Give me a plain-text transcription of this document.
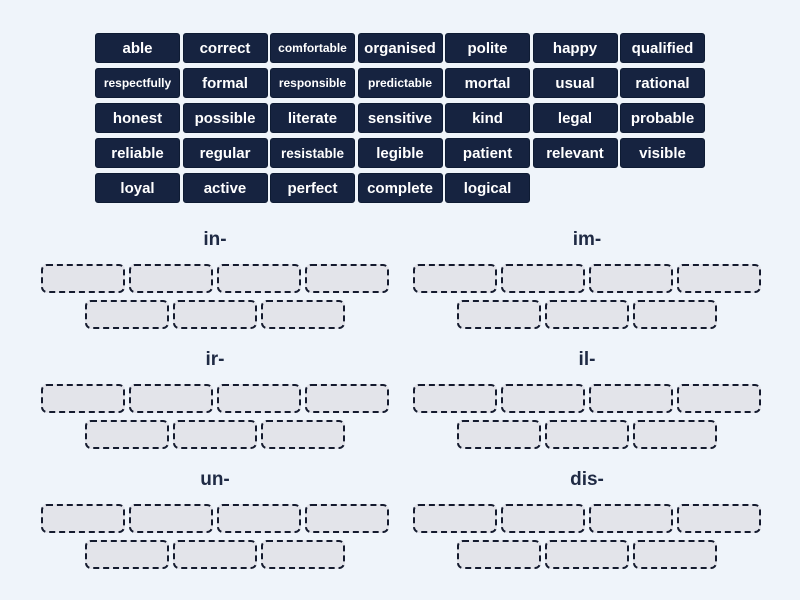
able	correct	comfortable	organised	polite	happy	qualified
respectfully	formal	responsible	predictable	mortal	usual	rational
honest	possible	literate	sensitive	kind	legal	probable
reliable	regular	resistable	legible	patient	relevant	visible
loyal	active	perfect	complete	logical
in-	im-
ir-	il-
un-	dis-
